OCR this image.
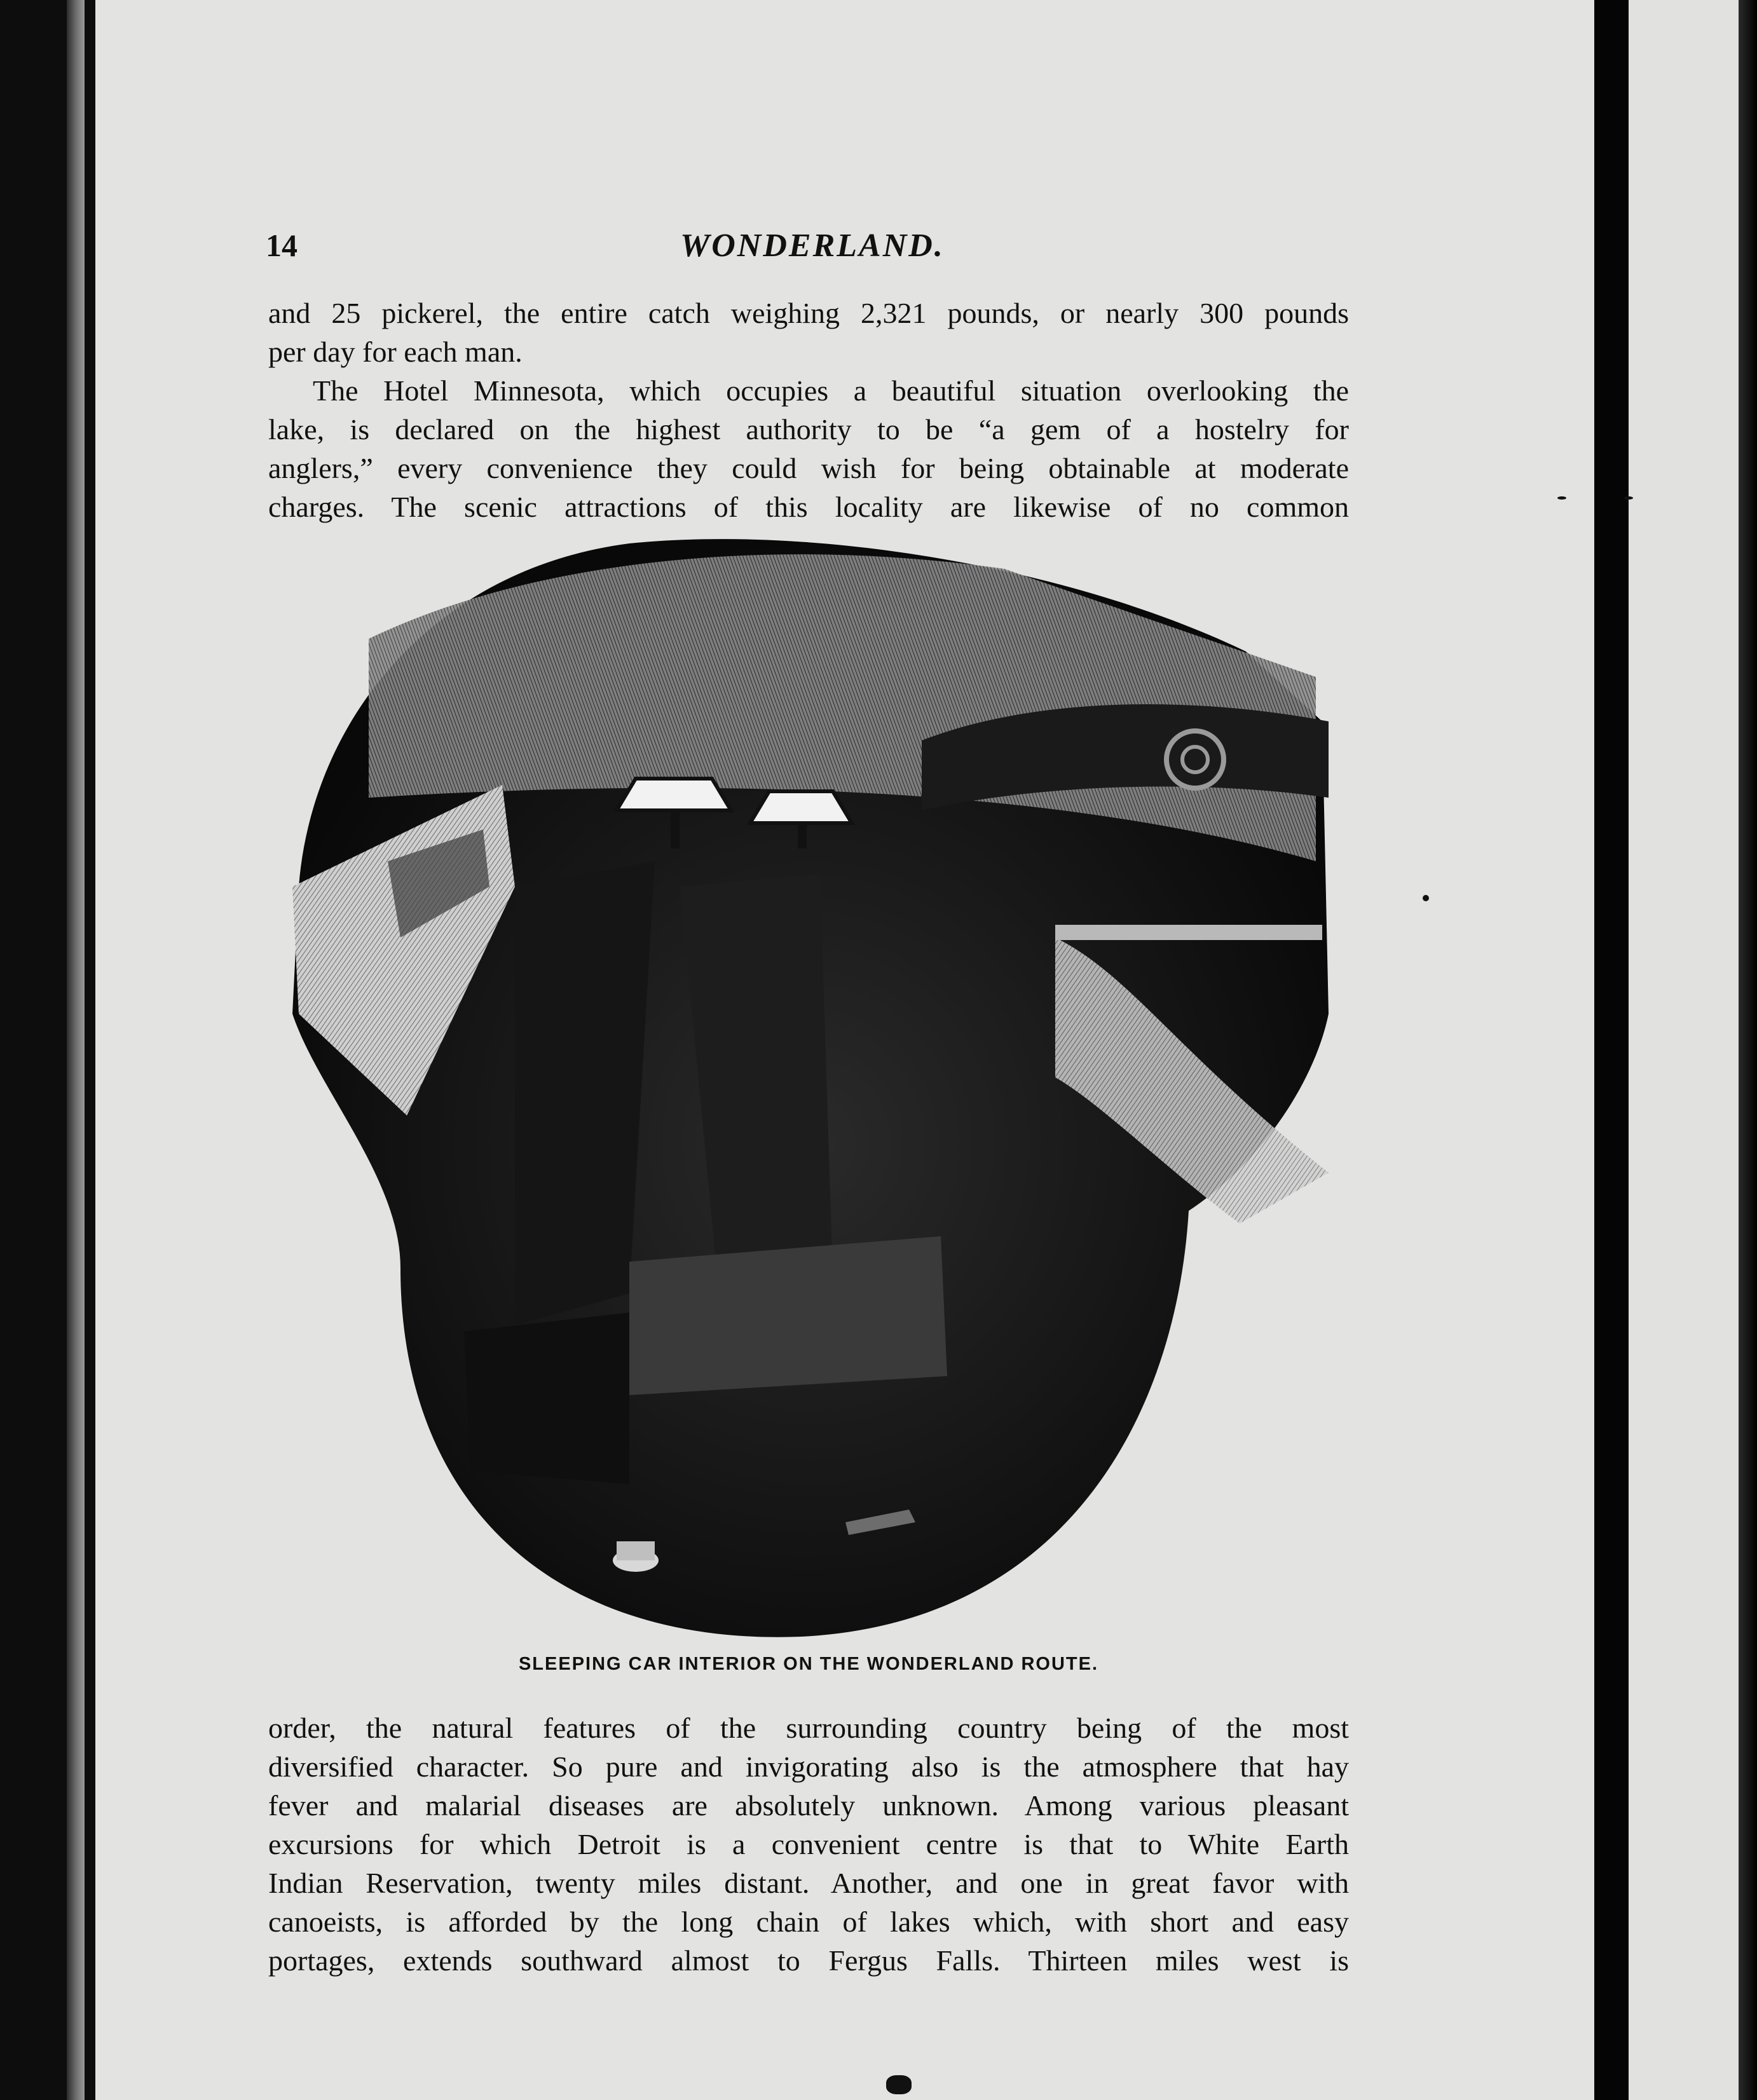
14	WONDERLAND.

and 25 pickerel, the entire catch weighing 2,321 pounds, or nearly 300 pounds
per day for each man.

The Hotel Minnesota, which occupies a beautiful situation overlooking the
lake, is declared on the highest authority to be “a gem of a hostelry for
anglers,” every convenience they could wish for being obtainable at moderate
charges. The scenic attractions of this locality are likewise of no common

SLEEPING CAR INTERIOR ON THE WONDERLAND ROUTE.

order, the natural features of the surrounding country being of the most
diversified character. So pure and invigorating also is the atmosphere that hay
fever and malarial diseases are absolutely unknown. Among various pleasant
excursions for which Detroit is a convenient centre is that to White Earth
Indian Reservation, twenty miles distant. Another, and one in great favor with
canoeists, is afforded by the long chain of lakes which, with short and easy
portages, extends southward almost to Fergus Falls. Thirteen miles west is
